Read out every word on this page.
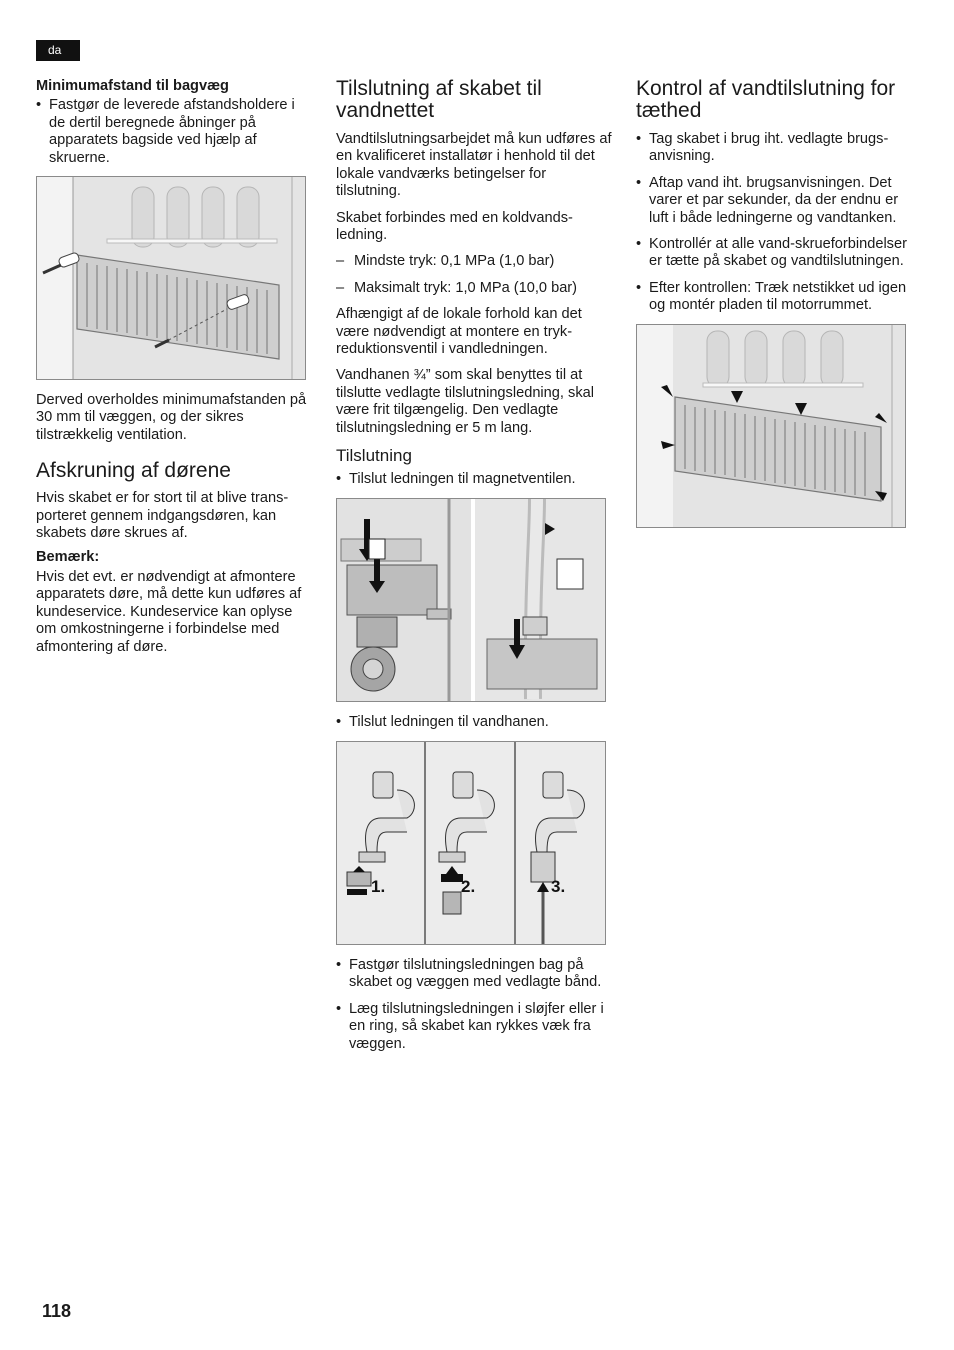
da
Minimumafstand til bagvæg
• Fastgør de leverede afstandsholdere i de dertil beregnede åbninger på apparatets bagside ved hjælp af skruerne.

Derved overholdes minimumafstanden på 30 mm til væggen, og der sikres tilstrækkelig ventilation.

Afskruning af dørene

Hvis skabet er for stort til at blive transporteret gennem indgangsdøren, kan skabets døre skrues af.

Bemærk:

Hvis det evt. er nødvendigt at afmontere apparatets døre, må dette kun udføres af kundeservice. Kundeservice kan oplyse om omkostningerne i forbindelse med afmontering af døre.

Tilslutning af skabet til vandnettet

Vandtilslutningsarbejdet må kun udføres af en kvalificeret installatør i henhold til det lokale vandværks betingelser for tilslutning.

Skabet forbindes med en koldvandsledning.

– Mindste tryk: 0,1 MPa (1,0 bar)
– Maksimalt tryk: 1,0 MPa (10,0 bar)

Afhængigt af de lokale forhold kan det være nødvendigt at montere en trykreduktionsventil i vandledningen.

Vandhanen ¾” som skal benyttes til at tilslutte vedlagte tilslutningsledning, skal være frit tilgængelig. Den vedlagte tilslutningsledning er 5 m lang.

Tilslutning
• Tilslut ledningen til magnetventilen.
• Tilslut ledningen til vandhanen.
1.	2.	3.
• Fastgør tilslutningsledningen bag på skabet og væggen med vedlagte bånd.
• Læg tilslutningsledningen i sløjfer eller i en ring, så skabet kan rykkes væk fra væggen.
Kontrol af vandtilslutning for tæthed
• Tag skabet i brug iht. vedlagte brugsanvisning.
• Aftap vand iht. brugsanvisningen. Det varer et par sekunder, da der endnu er luft i både ledningerne og vandtanken.
• Kontrollér at alle vand-skrueforbindelser er tætte på skabet og vandtilslutningen.
• Efter kontrollen: Træk netstikket ud igen og montér pladen til motorrummet.
118
